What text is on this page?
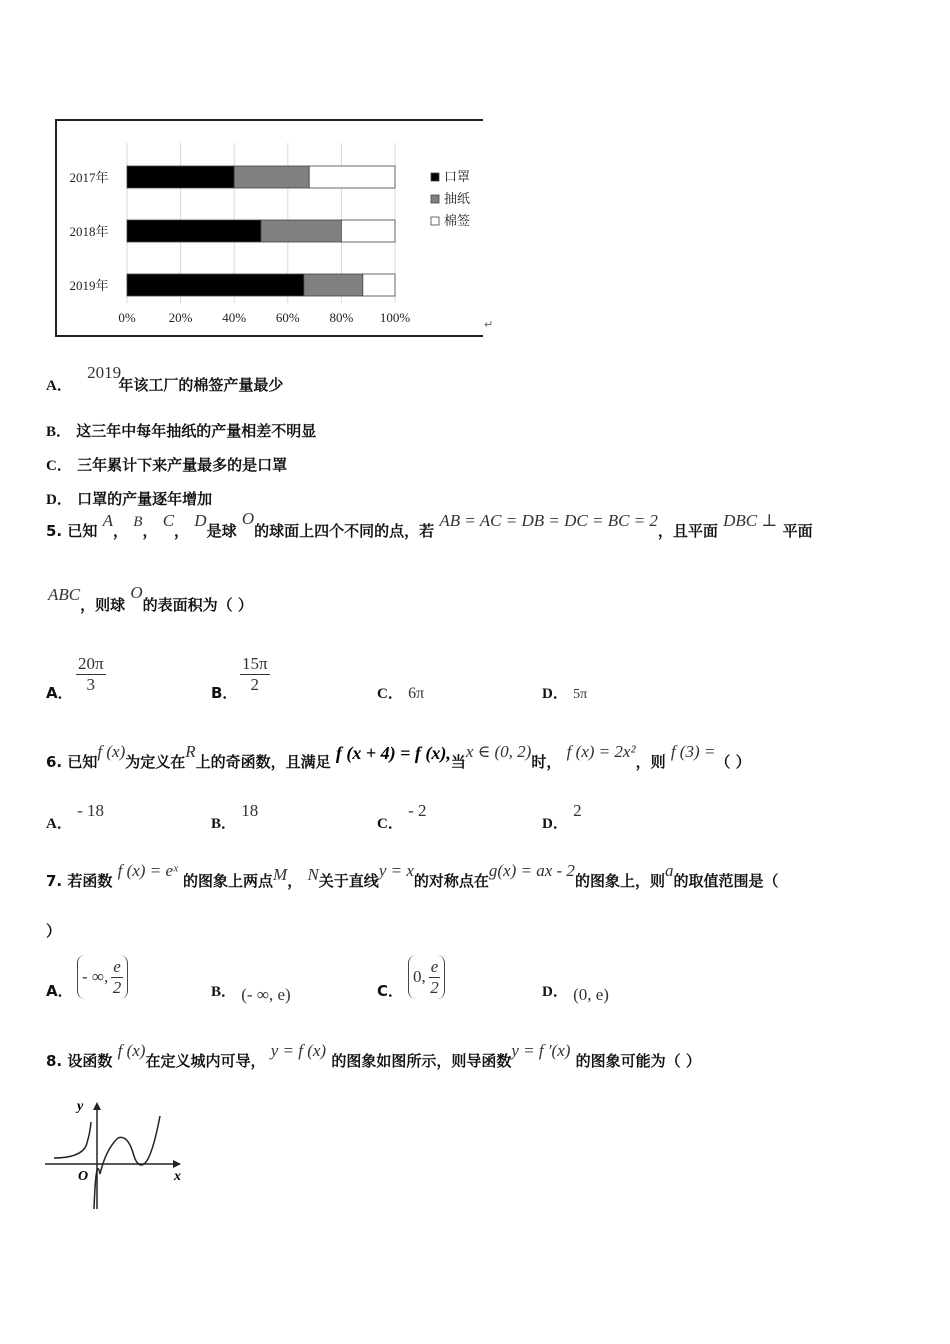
0%	20% 40% 60% 80% 100%
2017年
2018年
2019年
口罩
抽纸
棉签
↵
A． 2019 年该工厂的棉签产量最少
B． 这三年中每年抽纸的产量相差不明显
C． 三年累计下来产量最多的是口罩
D． 口罩的产量逐年增加
5. 已知 A， B， C， D是球 O的球面上四个不同的点，若 AB = AC = DB = DC = BC = 2，且平面 DBC ⊥ 平面
ABC，则球 O的表面积为（ ）
A． $\frac{20\pi}{3}$	B． $\frac{15\pi}{2}$	C． 6π	D． 5π
6. 已知f (x)为定义在R上的奇函数，且满足 f (x + 4) = f (x),当x ∈ (0, 2)时， f (x) = 2x²，则 f (3) =（ ）
A． - 18
B． 18
C． - 2
D． 2
7. 若函数 f (x) = eˣ 的图象上两点M， N关于直线y = x的对称点在g(x) = ax - 2的图象上，则a的取值范围是（
）
A．
- ∞, $\frac{e}{2}$	B． (- ∞, e)	C．
0, $\frac{e}{2}$	D． (0, e)
8. 设函数 f (x)在定义城内可导， y = f (x) 的图象如图所示，则导函数y = f ′(x) 的图象可能为（ ）
y
x
O
